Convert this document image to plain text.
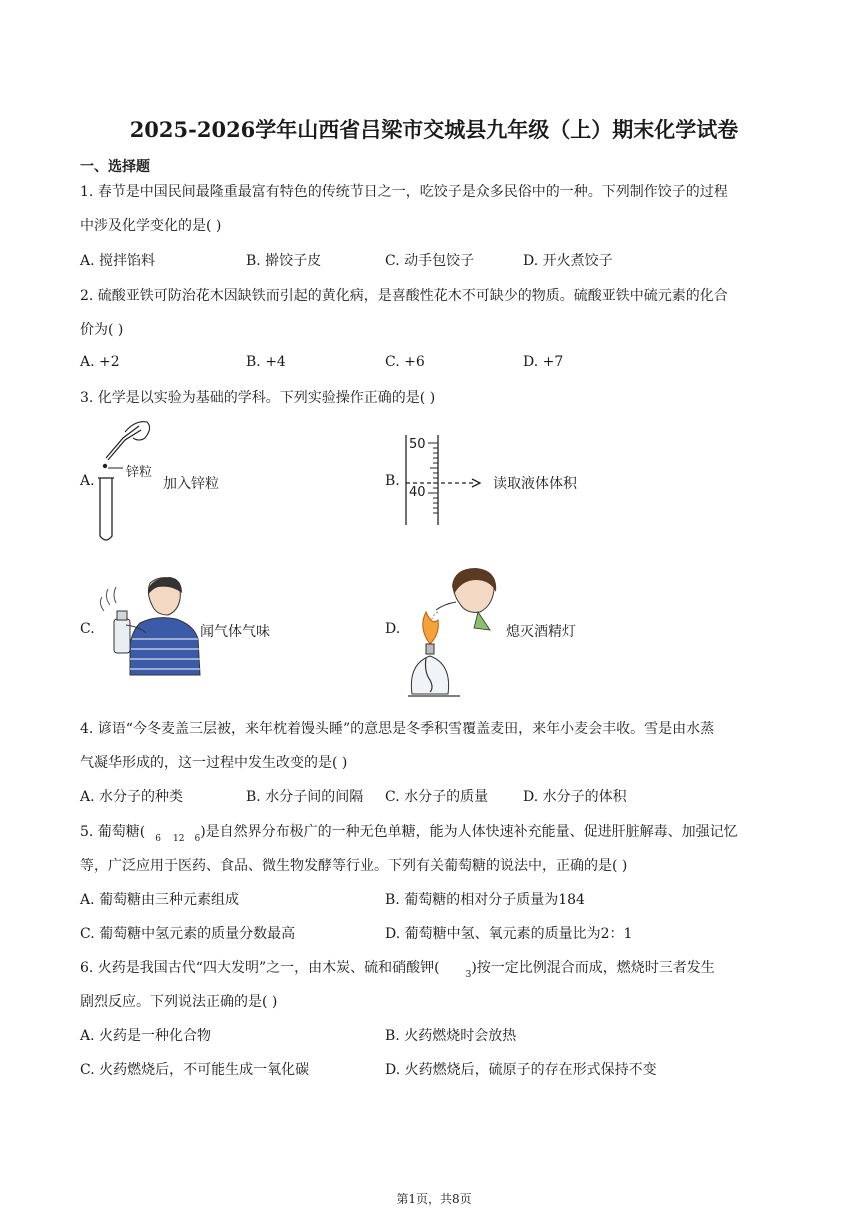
2025-2026学年山西省吕梁市交城县九年级（上）期末化学试卷
一、选择题
1. 春节是中国民间最隆重最富有特色的传统节日之一，吃饺子是众多民俗中的一种。下列制作饺子的过程
中涉及化学变化的是( )
A. 搅拌馅料	B. 擀饺子皮	C. 动手包饺子	D. 开火煮饺子
2. 硫酸亚铁可防治花木因缺铁而引起的黄化病，是喜酸性花木不可缺少的物质。硫酸亚铁中硫元素的化合
价为( )
A. +2	B. +4	C. +6	D. +7
3. 化学是以实验为基础的学科。下列实验操作正确的是( )
A.
锌粒
加入锌粒	B.
50
40
读取液体体积
C.	闻气体气味	D.	熄灭酒精灯
4. 谚语“今冬麦盖三层被，来年枕着馒头睡”的意思是冬季积雪覆盖麦田，来年小麦会丰收。雪是由水蒸
气凝华形成的，这一过程中发生改变的是( )
A. 水分子的种类	B. 水分子间的间隔 C. 水分子的质量 D. 水分子的体积
5. 葡萄糖( $_6$ $_{12}$ $_6$)是自然界分布极广的一种无色单糖，能为人体快速补充能量、促进肝脏解毒、加强记忆
等，广泛应用于医药、食品、微生物发酵等行业。下列有关葡萄糖的说法中，正确的是( )
A. 葡萄糖由三种元素组成	B. 葡萄糖的相对分子质量为184
C. 葡萄糖中氢元素的质量分数最高	D. 葡萄糖中氢、氧元素的质量比为2：1
6. 火药是我国古代“四大发明”之一，由木炭、硫和硝酸钾(	$_3$)按一定比例混合而成，燃烧时三者发生
剧烈反应。下列说法正确的是( )
A. 火药是一种化合物	B. 火药燃烧时会放热
C. 火药燃烧后，不可能生成一氧化碳	D. 火药燃烧后，硫原子的存在形式保持不变
第1页，共8页
